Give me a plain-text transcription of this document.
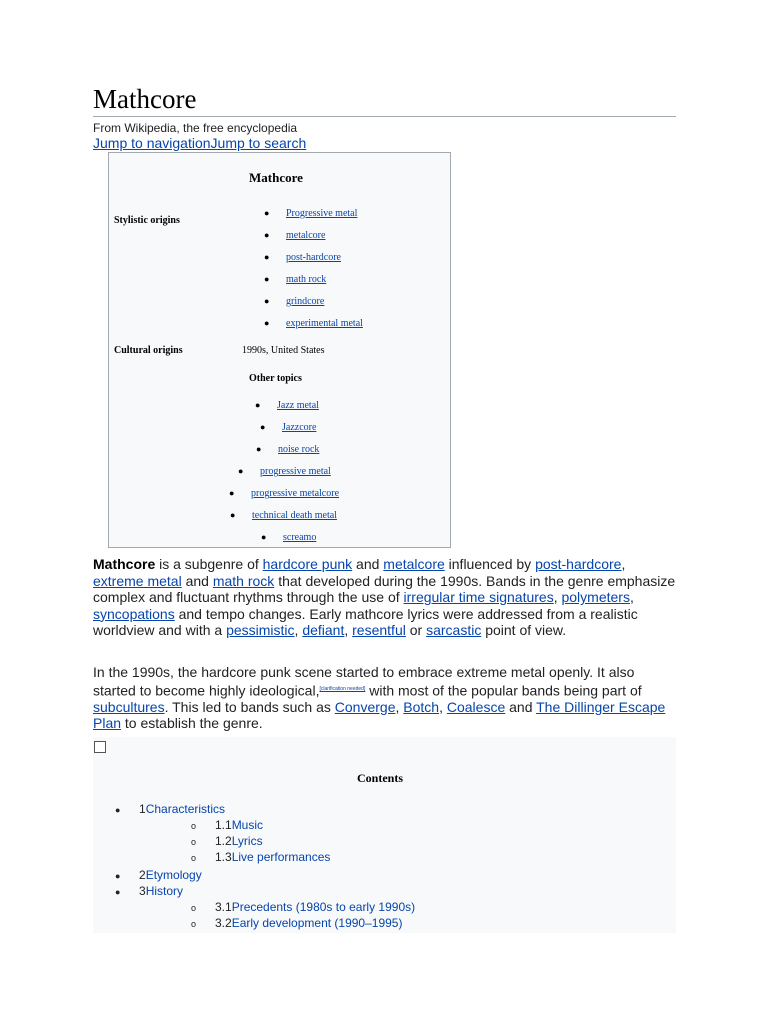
Mathcore
From Wikipedia, the free encyclopedia
Jump to navigationJump to search
Mathcore
Stylistic origins
● Progressive metal
● metalcore
● post-hardcore
● math rock
● grindcore
● experimental metal
Cultural origins	1990s, United States
Other topics
● Jazz metal
● Jazzcore
● noise rock
● progressive metal
● progressive metalcore
● technical death metal
● screamo

Mathcore is a subgenre of hardcore punk and metalcore influenced by post-hardcore, extreme metal and math rock that developed during the 1990s. Bands in the genre emphasize complex and fluctuant rhythms through the use of irregular time signatures, polymeters, syncopations and tempo changes. Early mathcore lyrics were addressed from a realistic worldview and with a pessimistic, defiant, resentful or sarcastic point of view.

In the 1990s, the hardcore punk scene started to embrace extreme metal openly. It also started to become highly ideological,[clarification needed] with most of the popular bands being part of subcultures. This led to bands such as Converge, Botch, Coalesce and The Dillinger Escape Plan to establish the genre.

Contents
● 1Characteristics
o 1.1Music
o 1.2Lyrics
o 1.3Live performances
● 2Etymology
● 3History
o 3.1Precedents (1980s to early 1990s)
o 3.2Early development (1990–1995)
